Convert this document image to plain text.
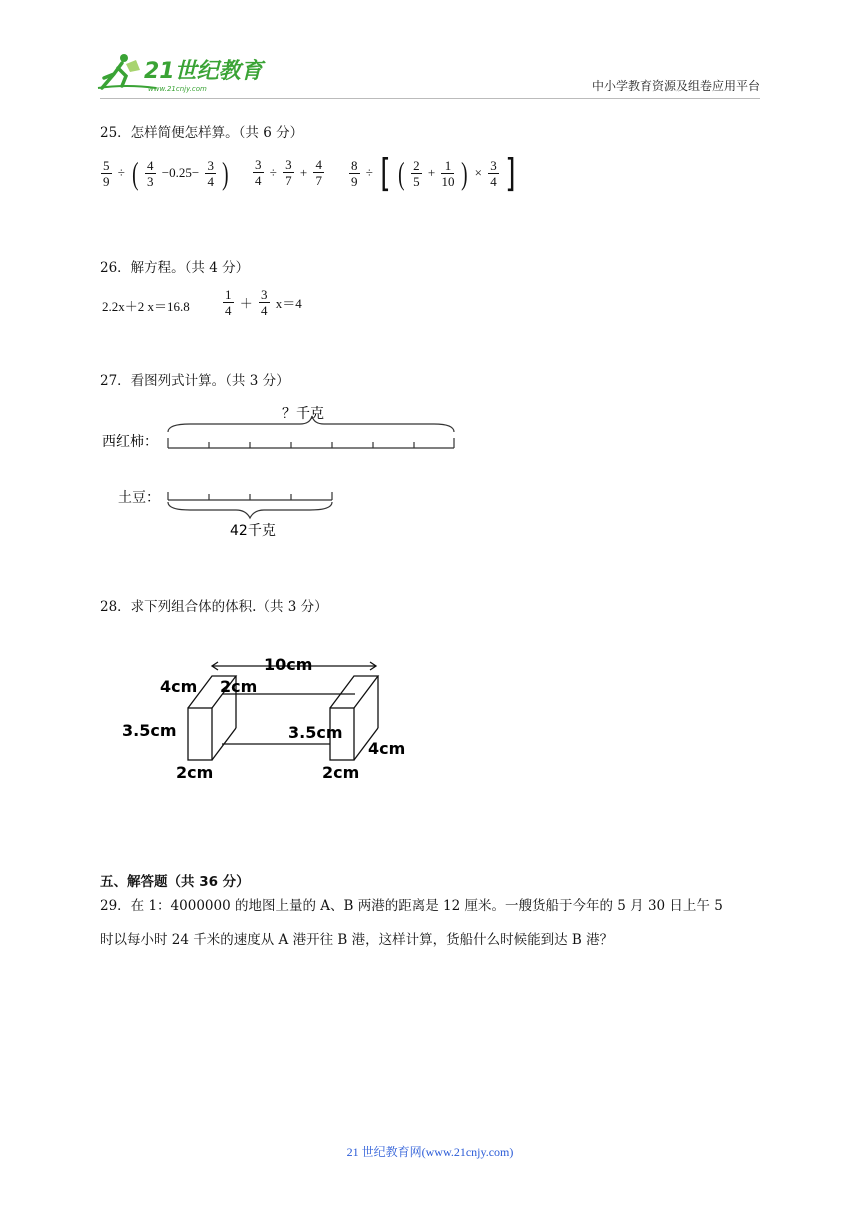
21世纪教育
www.21cnjy.com	中小学教育资源及组卷应用平台
25．怎样简便怎样算。（共 6 分）
$\frac{5}{9}$ ÷ ( $\frac{4}{3} -0.25- \frac{3}{4}$ ) $\frac{3}{4} \div \frac{3}{7} + \frac{4}{7} \frac{8}{9}$ ÷ [ ( $\frac{2}{5} + \frac{1}{10}$ ) × $\frac{3}{4}$ ]
26．解方程。（共 4 分）
2.2x＋2 x＝16.8	$\frac{1}{4} + \frac{3}{4} x=4$
27．看图列式计算。（共 3 分）
？千克
西红柿：
土豆：
42千克
28．求下列组合体的体积.（共 3 分）
10cm
4cm 2cm
3.5cm	3.5cm
4cm
2cm	2cm
五、解答题（共 36 分）
29．在 1：4000000 的地图上量的 A、B 两港的距离是 12 厘米。一艘货船于今年的 5 月 30 日上午 5
时以每小时 24 千米的速度从 A 港开往 B 港，这样计算，货船什么时候能到达 B 港？
21 世纪教育网(www.21cnjy.com)
